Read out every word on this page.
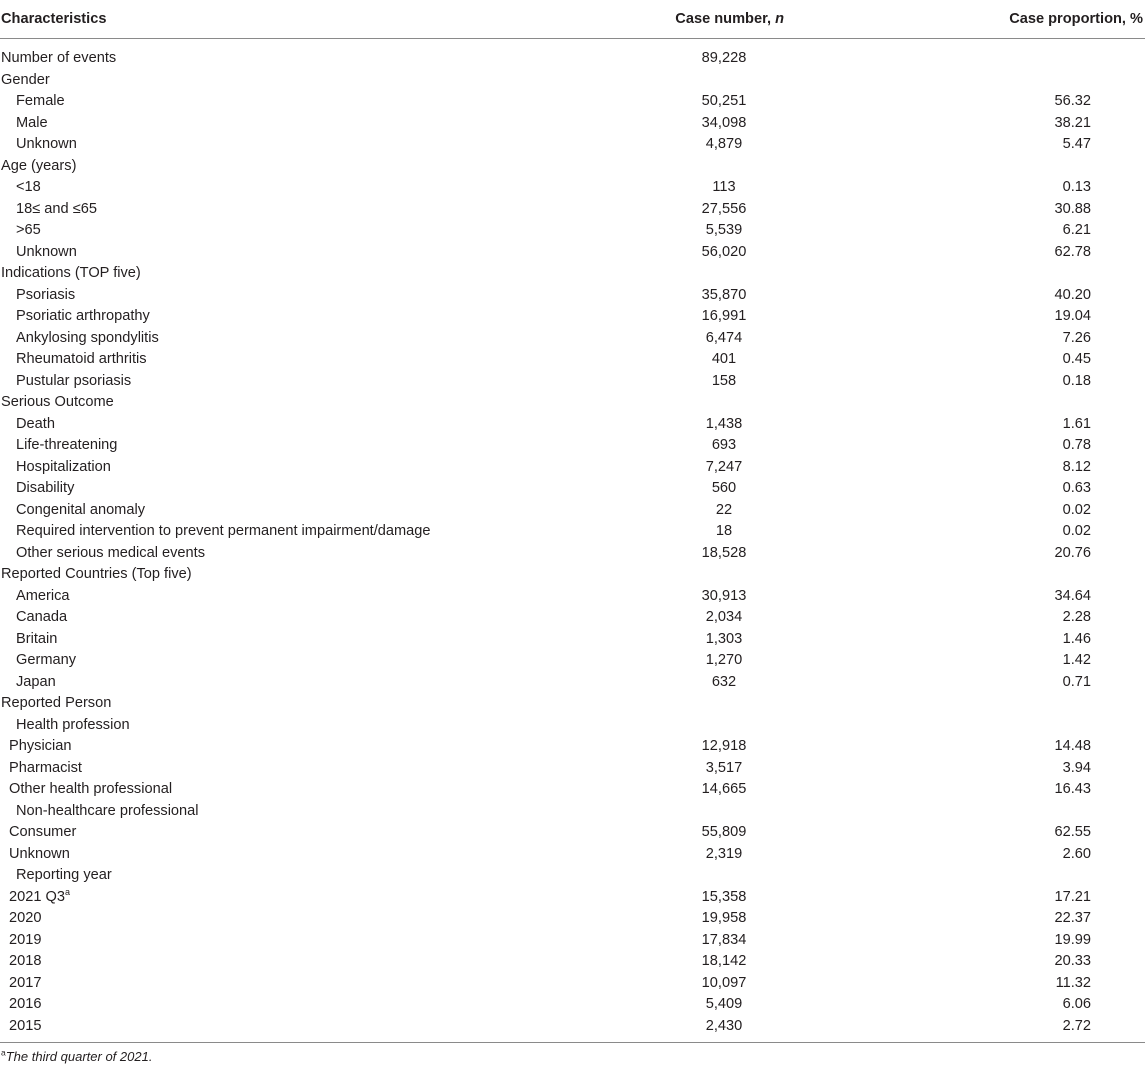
Characteristics	Case number, n	Case proportion, %
Number of events	89,228
Gender
Female	50,251	56.32
Male	34,098	38.21
Unknown	4,879	5.47
Age (years)
<18	113	0.13
18≤ and ≤65	27,556	30.88
>65	5,539	6.21
Unknown	56,020	62.78
Indications (TOP five)
Psoriasis	35,870	40.20
Psoriatic arthropathy	16,991	19.04
Ankylosing spondylitis	6,474	7.26
Rheumatoid arthritis	401	0.45
Pustular psoriasis	158	0.18
Serious Outcome
Death	1,438	1.61
Life-threatening	693	0.78
Hospitalization	7,247	8.12
Disability	560	0.63
Congenital anomaly	22	0.02
Required intervention to prevent permanent impairment/damage	18	0.02
Other serious medical events	18,528	20.76
Reported Countries (Top five)
America	30,913	34.64
Canada	2,034	2.28
Britain	1,303	1.46
Germany	1,270	1.42
Japan	632	0.71
Reported Person
Health profession
Physician	12,918	14.48
Pharmacist	3,517	3.94
Other health professional	14,665	16.43
Non-healthcare professional
Consumer	55,809	62.55
Unknown	2,319	2.60
Reporting year
2021 Q3$^a$	15,358	17.21
2020	19,958	22.37
2019	17,834	19.99
2018	18,142	20.33
2017	10,097	11.32
2016	5,409	6.06
2015	2,430	2.72
$^a$The third quarter of 2021.
